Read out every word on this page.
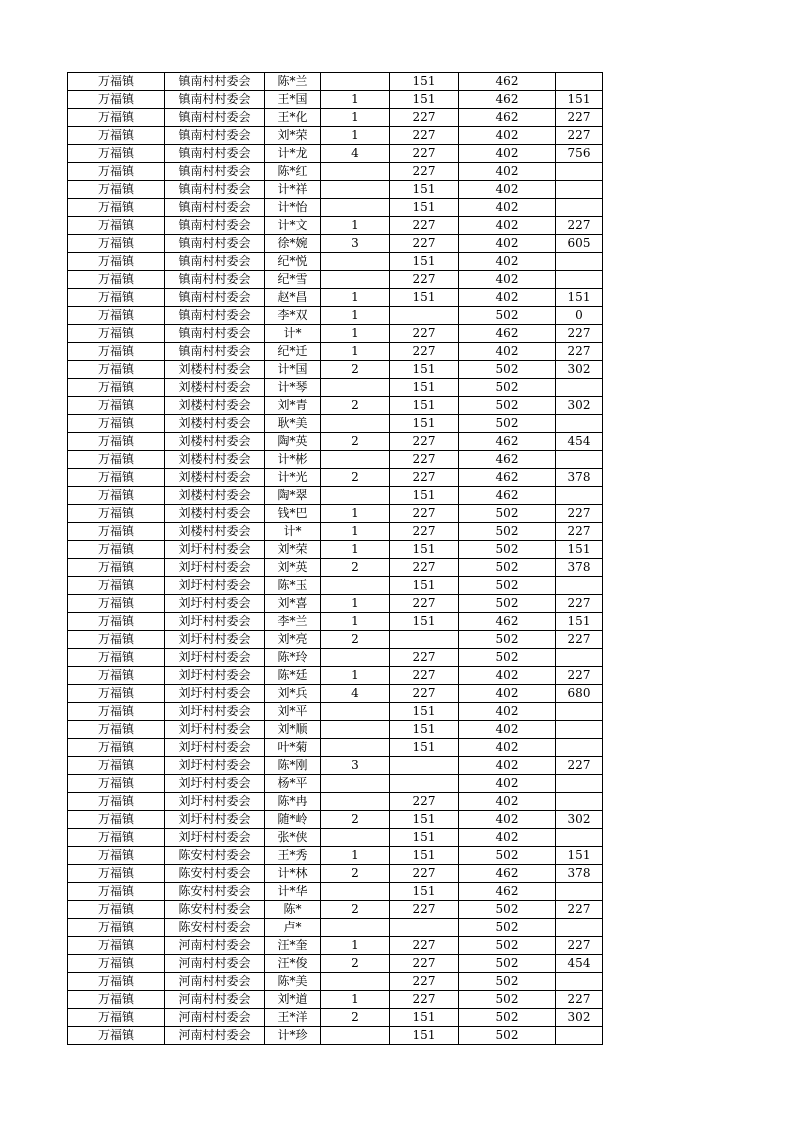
万福镇	镇南村村委会	陈*兰		151	462	
万福镇	镇南村村委会	王*国	1	151	462	151
万福镇	镇南村村委会	王*化	1	227	462	227
万福镇	镇南村村委会	刘*荣	1	227	402	227
万福镇	镇南村村委会	计*龙	4	227	402	756
万福镇	镇南村村委会	陈*红		227	402	
万福镇	镇南村村委会	计*祥		151	402	
万福镇	镇南村村委会	计*怡		151	402	
万福镇	镇南村村委会	计*文	1	227	402	227
万福镇	镇南村村委会	徐*婉	3	227	402	605
万福镇	镇南村村委会	纪*悦		151	402	
万福镇	镇南村村委会	纪*雪		227	402	
万福镇	镇南村村委会	赵*昌	1	151	402	151
万福镇	镇南村村委会	李*双	1		502	0
万福镇	镇南村村委会	计*	1	227	462	227
万福镇	镇南村村委会	纪*迁	1	227	402	227
万福镇	刘楼村村委会	计*国	2	151	502	302
万福镇	刘楼村村委会	计*琴		151	502	
万福镇	刘楼村村委会	刘*青	2	151	502	302
万福镇	刘楼村村委会	耿*美		151	502	
万福镇	刘楼村村委会	陶*英	2	227	462	454
万福镇	刘楼村村委会	计*彬		227	462	
万福镇	刘楼村村委会	计*光	2	227	462	378
万福镇	刘楼村村委会	陶*翠		151	462	
万福镇	刘楼村村委会	钱*巴	1	227	502	227
万福镇	刘楼村村委会	计*	1	227	502	227
万福镇	刘圩村村委会	刘*荣	1	151	502	151
万福镇	刘圩村村委会	刘*英	2	227	502	378
万福镇	刘圩村村委会	陈*玉		151	502	
万福镇	刘圩村村委会	刘*喜	1	227	502	227
万福镇	刘圩村村委会	李*兰	1	151	462	151
万福镇	刘圩村村委会	刘*亮	2		502	227
万福镇	刘圩村村委会	陈*玲		227	502	
万福镇	刘圩村村委会	陈*廷	1	227	402	227
万福镇	刘圩村村委会	刘*兵	4	227	402	680
万福镇	刘圩村村委会	刘*平		151	402	
万福镇	刘圩村村委会	刘*顺		151	402	
万福镇	刘圩村村委会	叶*菊		151	402	
万福镇	刘圩村村委会	陈*刚	3		402	227
万福镇	刘圩村村委会	杨*平			402	
万福镇	刘圩村村委会	陈*冉		227	402	
万福镇	刘圩村村委会	随*岭	2	151	402	302
万福镇	刘圩村村委会	张*侠		151	402	
万福镇	陈安村村委会	王*秀	1	151	502	151
万福镇	陈安村村委会	计*林	2	227	462	378
万福镇	陈安村村委会	计*华		151	462	
万福镇	陈安村村委会	陈*	2	227	502	227
万福镇	陈安村村委会	卢*			502	
万福镇	河南村村委会	汪*奎	1	227	502	227
万福镇	河南村村委会	汪*俊	2	227	502	454
万福镇	河南村村委会	陈*美		227	502	
万福镇	河南村村委会	刘*道	1	227	502	227
万福镇	河南村村委会	王*洋	2	151	502	302
万福镇	河南村村委会	计*珍		151	502	
